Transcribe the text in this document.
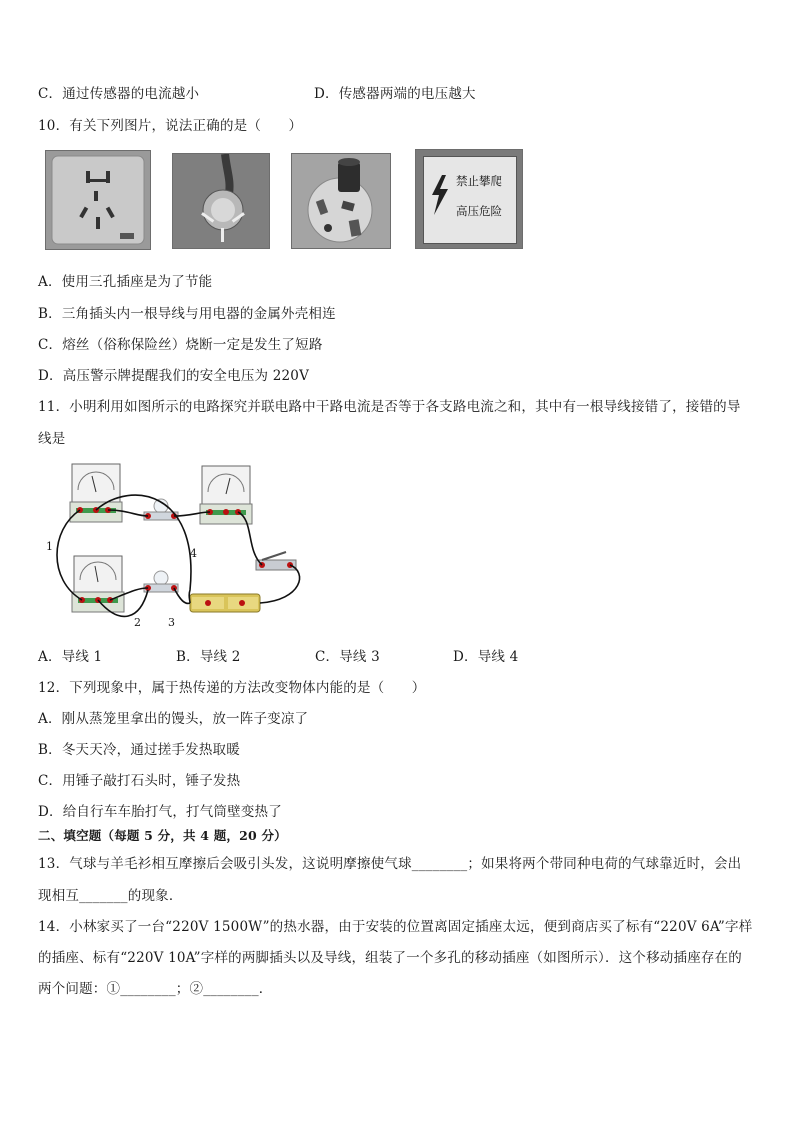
C．通过传感器的电流越小	D．传感器两端的电压越大
10．有关下列图片，说法正确的是（　　）
禁止攀爬
高压危险
A．使用三孔插座是为了节能
B．三角插头内一根导线与用电器的金属外壳相连
C．熔丝（俗称保险丝）烧断一定是发生了短路
D．高压警示牌提醒我们的安全电压为 220V
11．小明利用如图所示的电路探究并联电路中干路电流是否等于各支路电流之和，其中有一根导线接错了，接错的导
线是
1
2 3
4
A．导线 1	B．导线 2	C．导线 3	D．导线 4
12．下列现象中，属于热传递的方法改变物体内能的是（　　）
A．刚从蒸笼里拿出的馒头，放一阵子变凉了
B．冬天天冷，通过搓手发热取暖
C．用锤子敲打石头时，锤子发热
D．给自行车车胎打气，打气筒壁变热了
二、填空题（每题 5 分，共 4 题，20 分）
13．气球与羊毛衫相互摩擦后会吸引头发，这说明摩擦使气球________；如果将两个带同种电荷的气球靠近时，会出
现相互_______的现象．
14．小林家买了一台“220V 1500W”的热水器，由于安装的位置离固定插座太远，便到商店买了标有“220V 6A”字样
的插座、标有“220V 10A”字样的两脚插头以及导线，组装了一个多孔的移动插座（如图所示）．这个移动插座存在的
两个问题：①________；②________．
